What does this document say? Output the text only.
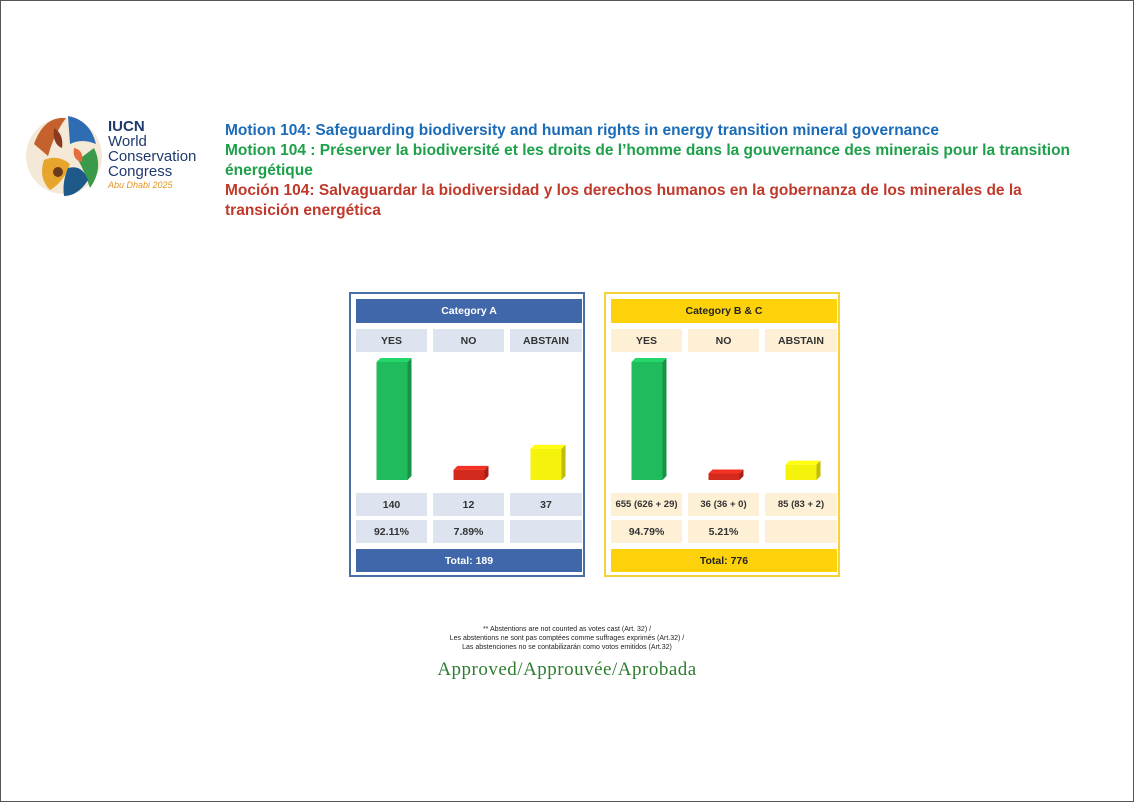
IUCN
World
Conservation
Congress
Abu Dhabi 2025
Motion 104: Safeguarding biodiversity and human rights in energy transition mineral governance
Motion 104 : Préserver la biodiversité et les droits de l’homme dans la gouvernance des minerais pour la transition énergétique
Moción 104: Salvaguardar la biodiversidad y los derechos humanos en la gobernanza de los minerales de la transición energética
Category A
YES	NO	ABSTAIN
140	12	37
92.11%	7.89%
Total: 189
Category B & C
YES	NO	ABSTAIN
655 (626 + 29)	36 (36 + 0)	85 (83 + 2)
94.79%	5.21%
Total: 776
** Abstentions are not counted as votes cast (Art. 32) /
Les abstentions ne sont pas comptées comme suffrages exprimés (Art.32) /
Las abstenciones no se contabilizarán como votos emitidos (Art.32)
Approved/Approuvée/Aprobada
